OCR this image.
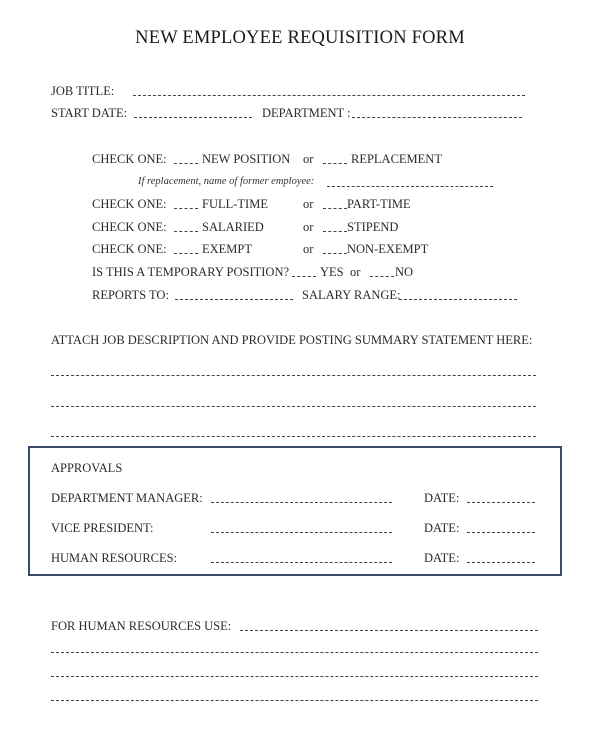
NEW EMPLOYEE REQUISITION FORM
JOB TITLE:
START DATE:	DEPARTMENT :
CHECK ONE:	NEW POSITION or	REPLACEMENT
If replacement, name of former employee:
CHECK ONE:	FULL-TIME	or	PART-TIME
CHECK ONE:	SALARIED	or	STIPEND
CHECK ONE:	EXEMPT	or	NON-EXEMPT
IS THIS A TEMPORARY POSITION? YES or	NO
REPORTS TO:	SALARY RANGE:
ATTACH JOB DESCRIPTION AND PROVIDE POSTING SUMMARY STATEMENT HERE:
APPROVALS
DEPARTMENT MANAGER:	DATE:
VICE PRESIDENT:	DATE:
HUMAN RESOURCES:	DATE:
FOR HUMAN RESOURCES USE:
